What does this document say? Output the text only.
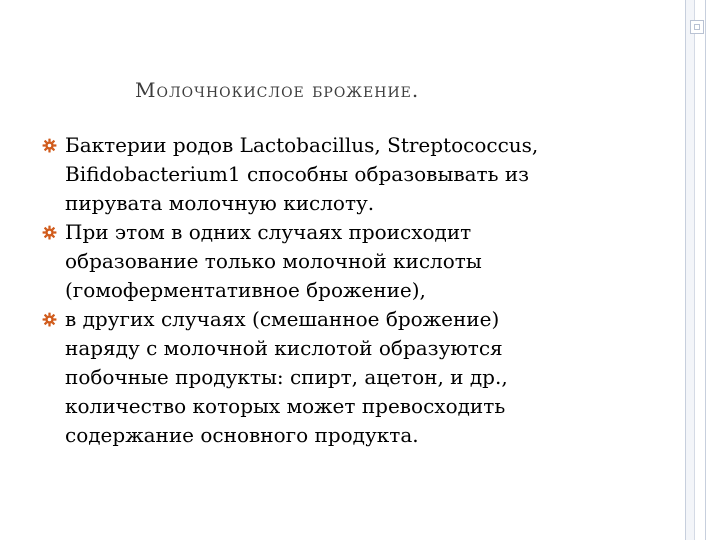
Молочнокислое брожение.
Бактерии родов Lactobacillus, Streptococcus,
Bifidobacterium1 способны образовывать из
пирувата молочную кислоту.
При этом в одних случаях происходит
образование только молочной кислоты
(гомоферментативное брожение),
в других случаях (смешанное брожение)
наряду с молочной кислотой образуются
побочные продукты: спирт, ацетон, и др.,
количество которых может превосходить
содержание основного продукта.
